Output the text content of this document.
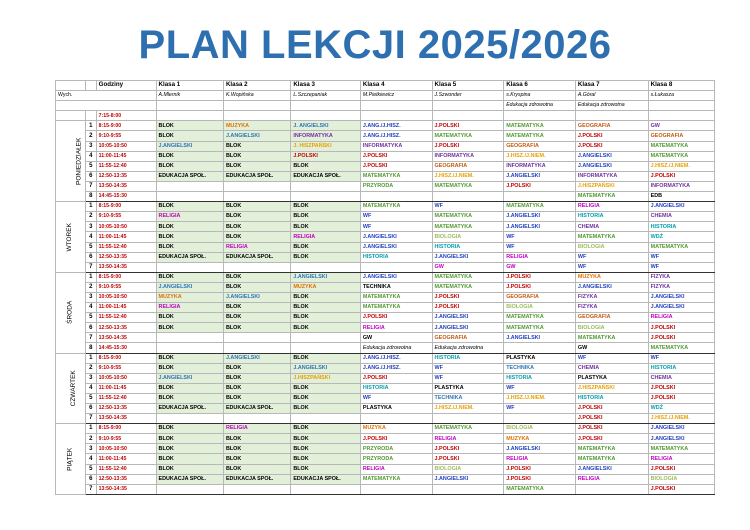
PLAN LEKCJI 2025/2026
		Godziny	Klasa 1	Klasa 2	Klasa 3	Klasa 4	Klasa 5	Klasa 6	Klasa 7	Klasa 8
Wych.			A.Mlernik	K.Wopińska	L.Szczepaniak	M.Pietkiewicz	J.Szwonder	s.Kryspina	A.Góral	s.Łukasza
								Edukacja zdrowotna	Edukacja zdrowotna	
		7:15-8:00								
PONIEDZIAŁEK	1	8:15-9:00	BLOK	MUZYKA	J. ANGIELSKI	J.ANG./J.HISZ.	J.POLSKI	MATEMATYKA	GEOGRAFIA	GW
	2	9:10-9:55	BLOK	J.ANGIELSKI	INFORMATYKA	J.ANG./J.HISZ.	MATEMATYKA	MATEMATYKA	J.POLSKI	GEOGRAFIA
	3	10:05-10:50	J.ANGIELSKI	BLOK	J. HISZPAŃSKI	INFORMATYKA	J.POLSKI	GEOGRAFIA	J.POLSKI	MATEMATYKA
	4	11:00-11:45	BLOK	BLOK	J.POLSKI	J.POLSKI	INFORMATYKA	J.HISZ./J.NIEM.	J.ANGIELSKI	MATEMATYKA
	5	11:55-12:40	BLOK	BLOK	BLOK	J.POLSKI	GEOGRAFIA	INFORMATYKA	J.ANGIELSKI	J.HISZ./J.NIEM.
	6	12:50-13:35	EDUKACJA SPOŁ.	EDUKACJA SPOŁ.	EDUKACJA SPOŁ.	MATEMATYKA	J.HISZ./J.NIEM.	J.ANGIELSKI	INFORMATYKA	J.POLSKI
	7	13:50-14:35				PRZYRODA	MATEMATYKA	J.POLSKI	J.HISZPAŃSKI	INFORMATYKA
	8	14:45-15:30							MATEMATYKA	EDB
WTOREK	1	8:15-9:00	BLOK	BLOK	BLOK	MATEMATYKA	WF	MATEMATYKA	RELIGIA	J.ANGIELSKI
	2	9:10-9:55	RELIGIA	BLOK	BLOK	WF	MATEMATYKA	J.ANGIELSKI	HISTORIA	CHEMIA
	3	10:05-10:50	BLOK	BLOK	BLOK	WF	MATEMATYKA	J.ANGIELSKI	CHEMIA	HISTORIA
	4	11:00-11:45	BLOK	BLOK	RELIGIA	J.ANGIELSKI	BIOLOGIA	WF	MATEMATYKA	WDŻ
	5	11:55-12:40	BLOK	RELIGIA	BLOK	J.ANGIELSKI	HISTORIA	WF	BIOLOGIA	MATEMATYKA
	6	12:50-13:35	EDUKACJA SPOŁ.	EDUKACJA SPOŁ.	BLOK	HISTORIA	J.ANGIELSKI	RELIGIA	WF	WF
	7	13:50-14:35					GW	GW	WF	WF
ŚRODA	1	8:15-9:00	BLOK	BLOK	J.ANGIELSKI	J.ANGIELSKI	MATEMATYKA	J.POLSKI	MUZYKA	FIZYKA
	2	9:10-9:55	J.ANGIELSKI	BLOK	MUZYKA	TECHNIKA	MATEMATYKA	J.POLSKI	J.ANGIELSKI	FIZYKA
	3	10:05-10:50	MUZYKA	J.ANGIELSKI	BLOK	MATEMATYKA	J.POLSKI	GEOGRAFIA	FIZYKA	J.ANGIELSKI
	4	11:00-11:45	RELIGIA	BLOK	BLOK	MATEMATYKA	J.POLSKI	BIOLOGIA	FIZYKA	J.ANGIELSKI
	5	11:55-12:40	BLOK	BLOK	BLOK	J.POLSKI	J.ANGIELSKI	MATEMATYKA	GEOGRAFIA	RELIGIA
	6	12:50-13:35	BLOK	BLOK	BLOK	RELIGIA	J.ANGIELSKI	MATEMATYKA	BIOLOGIA	J.POLSKI
	7	13:50-14:35				GW	GEOGRAFIA	J.ANGIELSKI	MATEMATYKA	J.POLSKI
	8	14:45-15:30				Edukacja zdrowotna	Edukacja zdrowotna		GW	MATEMATYKA
CZWARTEK	1	8:15-9:00	BLOK	J.ANGIELSKI	BLOK	J.ANG./J.HISZ.	HISTORIA	PLASTYKA	WF	WF
	2	9:10-9:55	BLOK	BLOK	J.ANGIELSKI	J.ANG./J.HISZ.	WF	TECHNIKA	CHEMIA	HISTORIA
	3	10:05-10:50	J.ANGIELSKI	BLOK	J.HISZPAŃSKI	J.POLSKI	WF	HISTORIA	PLASTYKA	CHEMIA
	4	11:00-11:45	BLOK	BLOK	BLOK	HISTORIA	PLASTYKA	WF	J.HISZPAŃSKI	J.POLSKI
	5	11:55-12:40	BLOK	BLOK	BLOK	WF	TECHNIKA	J.HISZ./J.NIEM.	HISTORIA	J.POLSKI
	6	12:50-13:35	EDUKACJA SPOŁ.	EDUKACJA SPOŁ.	BLOK	PLASTYKA	J.HISZ./J.NIEM.	WF	J.POLSKI	WDŻ
	7	13:50-14:35							J.POLSKI	J.HISZ./J.NIEM.
PIĄTEK	1	8:15-9:00	BLOK	RELIGIA	BLOK	MUZYKA	MATEMATYKA	BIOLOGIA	J.POLSKI	J.ANGIELSKI
	2	9:10-9:55	BLOK	BLOK	BLOK	J.POLSKI	RELIGIA	MUZYKA	J.POLSKI	J.ANGIELSKI
	3	10:05-10:50	BLOK	BLOK	BLOK	PRZYRODA	J.POLSKI	J.ANGIELSKI	MATEMATYKA	MATEMATYKA
	4	11:00-11:45	BLOK	BLOK	BLOK	PRZYRODA	J.POLSKI	RELIGIA	MATEMATYKA	RELIGIA
	5	11:55-12:40	BLOK	BLOK	BLOK	RELIGIA	BIOLOGIA	J.POLSKI	J.ANGIELSKI	J.POLSKI
	6	12:50-13:35	EDUKACJA SPOŁ.	EDUKACJA SPOŁ.	EDUKACJA SPOŁ.	MATEMATYKA	J.ANGIELSKI	J.POLSKI	RELIGIA	BIOLOGIA
	7	13:50-14:35						MATEMATYKA		J.POLSKI
